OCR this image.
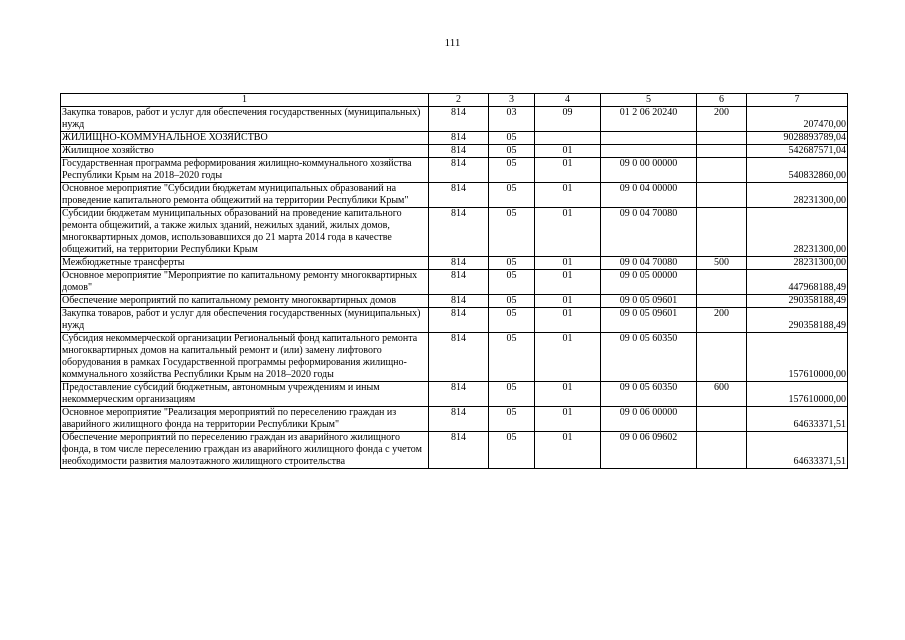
111
1	2	3	4	5	6	7
Закупка товаров, работ и услуг для обеспечения государственных (муниципальных) нужд	814	03	09	01 2 06 20240	200	207470,00
ЖИЛИЩНО-КОММУНАЛЬНОЕ ХОЗЯЙСТВО	814	05				9028893789,04
Жилищное хозяйство	814	05	01			542687571,04
Государственная программа реформирования жилищно-коммунального хозяйства Республики Крым на 2018–2020 годы	814	05	01	09 0 00 00000		540832860,00
Основное мероприятие "Субсидии бюджетам муниципальных образований на проведение капитального ремонта общежитий на территории Республики Крым"	814	05	01	09 0 04 00000		28231300,00
Субсидии бюджетам муниципальных образований на проведение капитального ремонта общежитий, а также жилых зданий, нежилых зданий, жилых домов, многоквартирных домов, использовавшихся до 21 марта 2014 года в качестве общежитий, на территории Республики Крым	814	05	01	09 0 04 70080		28231300,00
Межбюджетные трансферты	814	05	01	09 0 04 70080	500	28231300,00
Основное мероприятие "Мероприятие по капитальному ремонту многоквартирных домов"	814	05	01	09 0 05 00000		447968188,49
Обеспечение мероприятий по капитальному ремонту многоквартирных домов	814	05	01	09 0 05 09601		290358188,49
Закупка товаров, работ и услуг для обеспечения государственных (муниципальных) нужд	814	05	01	09 0 05 09601	200	290358188,49
Субсидия некоммерческой организации Региональный фонд капитального ремонта многоквартирных домов на капитальный ремонт и (или) замену лифтового оборудования в рамках Государственной программы реформирования жилищно-коммунального хозяйства Республики Крым на 2018–2020 годы	814	05	01	09 0 05 60350		157610000,00
Предоставление субсидий бюджетным, автономным учреждениям и иным некоммерческим организациям	814	05	01	09 0 05 60350	600	157610000,00
Основное мероприятие "Реализация мероприятий по переселению граждан из аварийного жилищного фонда на территории Республики Крым"	814	05	01	09 0 06 00000		64633371,51
Обеспечение мероприятий по переселению граждан из аварийного жилищного фонда, в том числе переселению граждан из аварийного жилищного фонда с учетом необходимости развития малоэтажного жилищного строительства	814	05	01	09 0 06 09602		64633371,51
